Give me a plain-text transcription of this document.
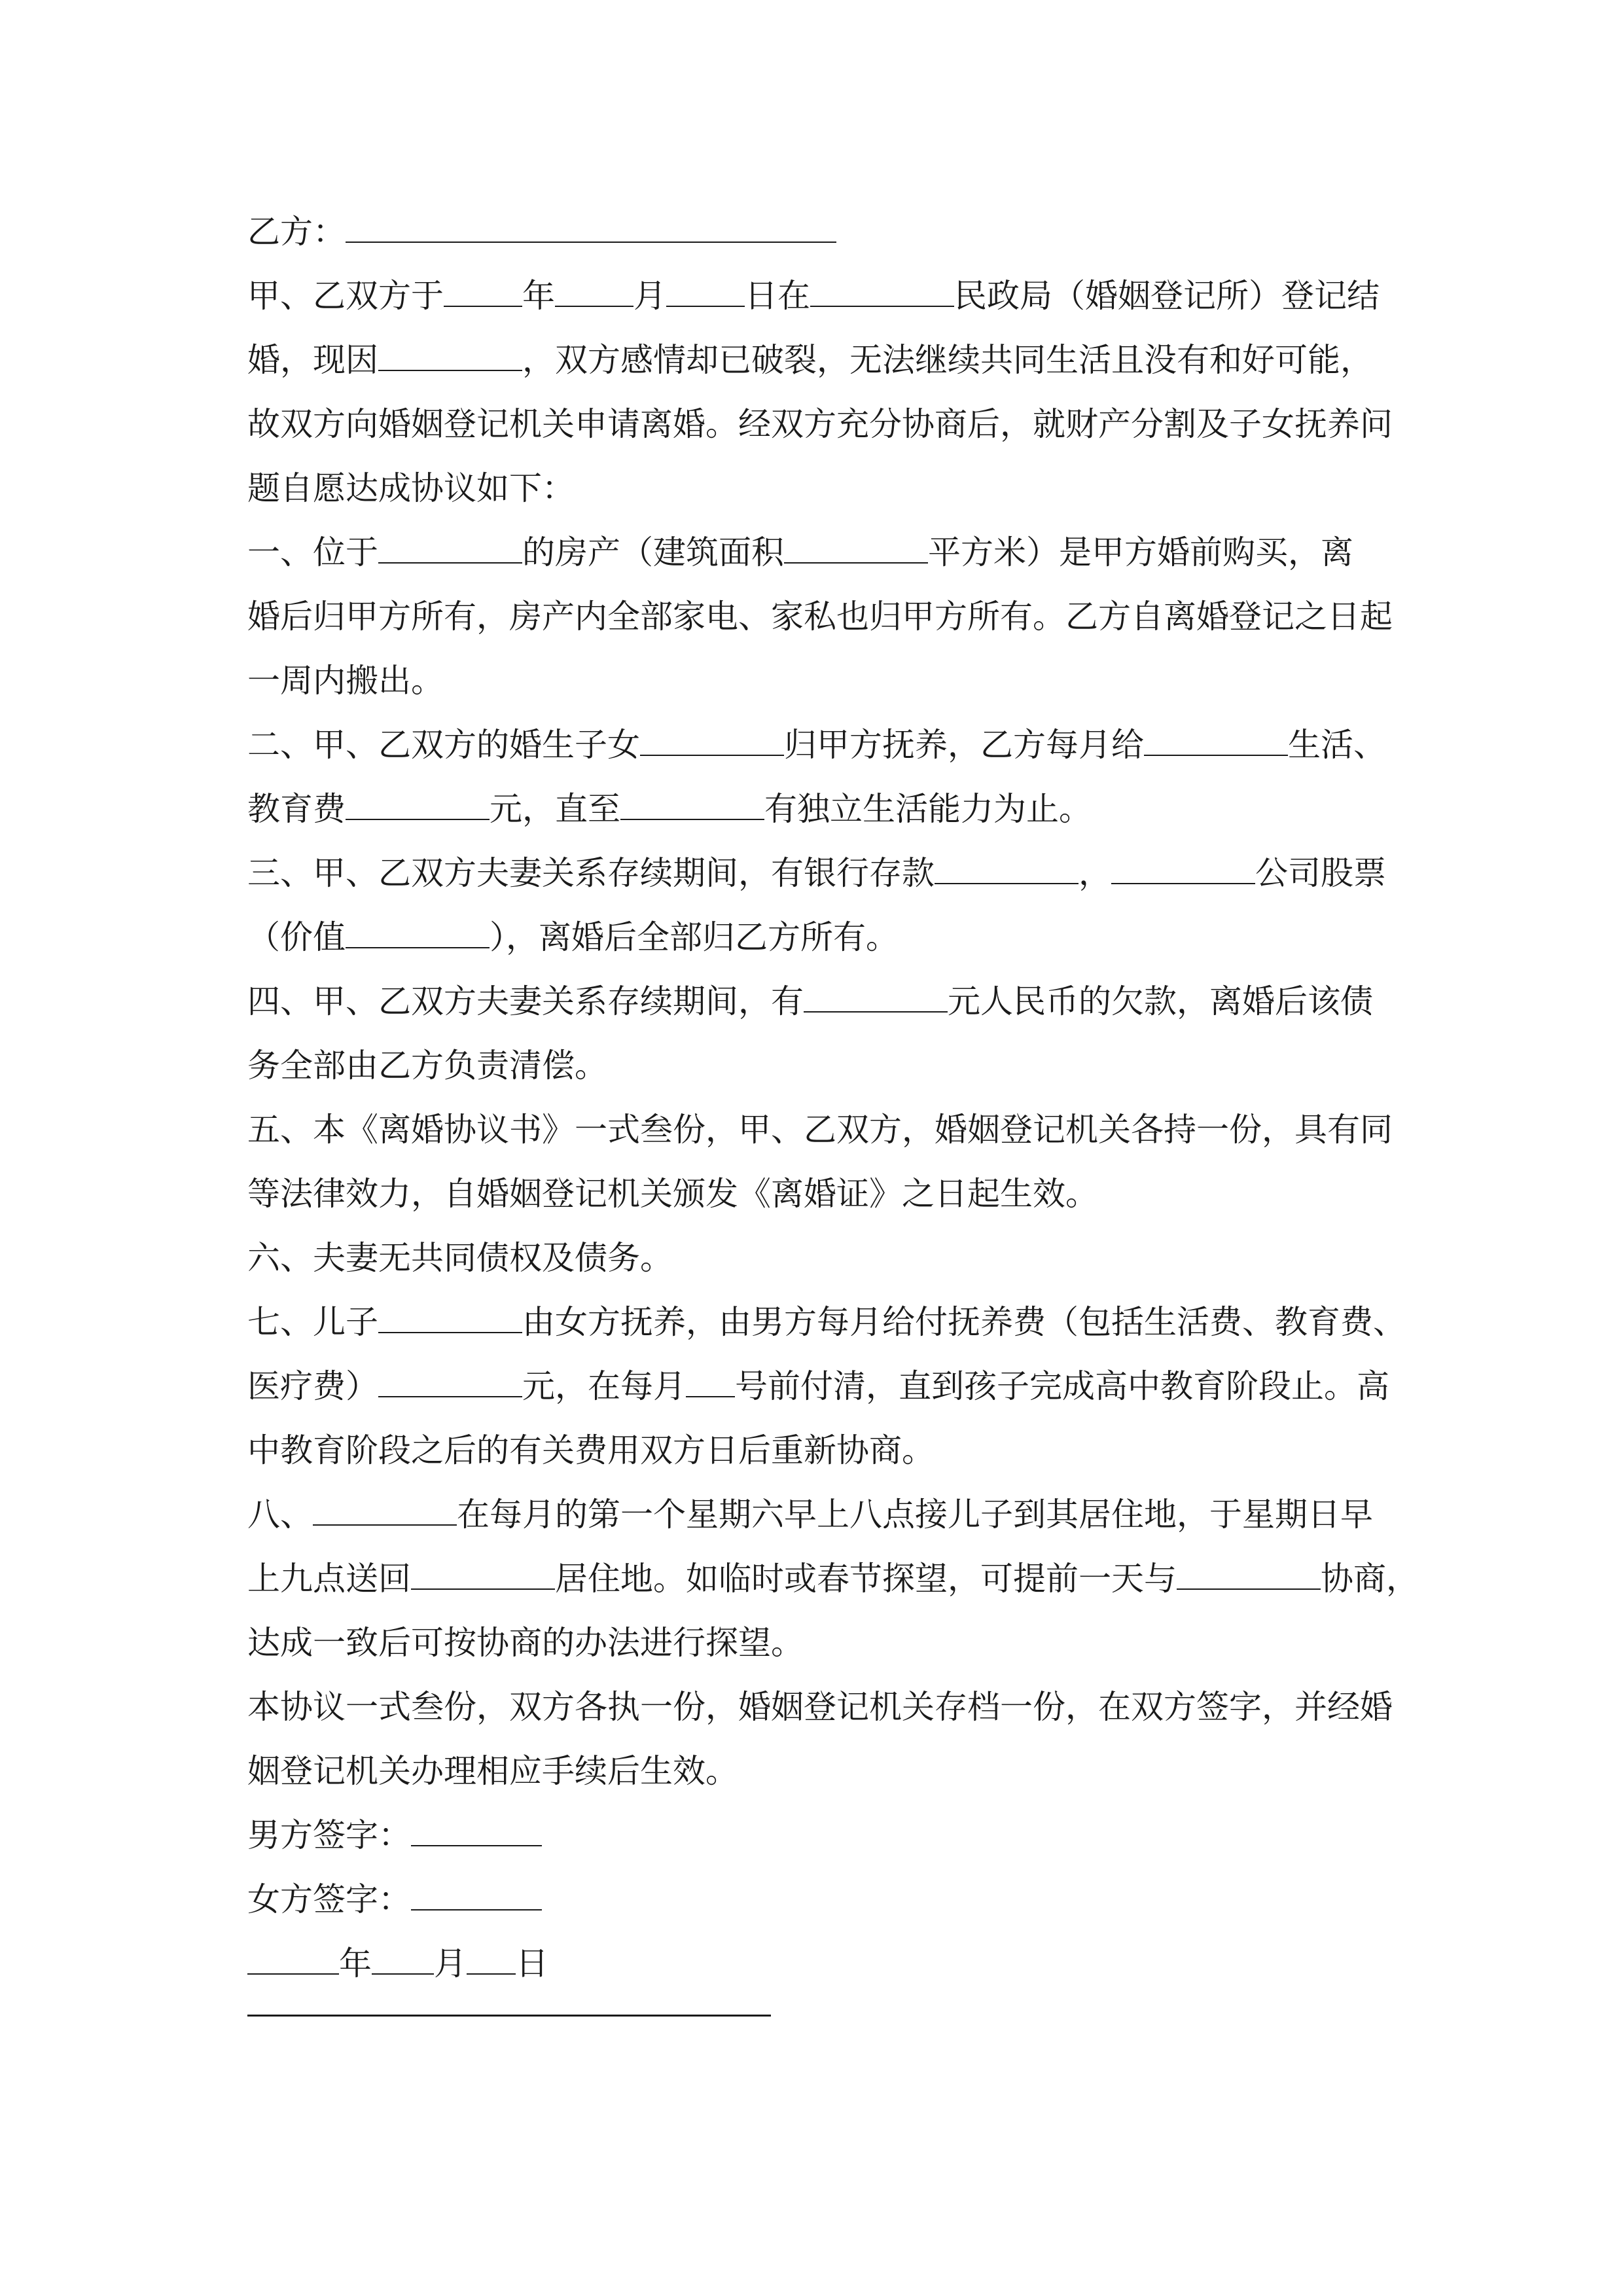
乙方：
甲、乙双方于 年 月 日在	民政局（婚姻登记所）登记结
婚，现因	，双方感情却已破裂，无法继续共同生活且没有和好可能，
故双方向婚姻登记机关申请离婚。经双方充分协商后，就财产分割及子女抚养问
题自愿达成协议如下：
一、位于	的房产（建筑面积	平方米）是甲方婚前购买，离
婚后归甲方所有，房产内全部家电、家私也归甲方所有。乙方自离婚登记之日起
一周内搬出。
二、甲、乙双方的婚生子女	归甲方抚养，乙方每月给	生活、
教育费	元，直至	有独立生活能力为止。
三、甲、乙双方夫妻关系存续期间，有银行存款	，	公司股票
（价值	），离婚后全部归乙方所有。
四、甲、乙双方夫妻关系存续期间，有	元人民币的欠款，离婚后该债
务全部由乙方负责清偿。
五、本《离婚协议书》一式叁份，甲、乙双方，婚姻登记机关各持一份，具有同
等法律效力，自婚姻登记机关颁发《离婚证》之日起生效。
六、夫妻无共同债权及债务。
七、儿子	由女方抚养，由男方每月给付抚养费（包括生活费、教育费、
医疗费）	元，在每月 号前付清，直到孩子完成高中教育阶段止。高
中教育阶段之后的有关费用双方日后重新协商。
八、	在每月的第一个星期六早上八点接儿子到其居住地，于星期日早
上九点送回	居住地。如临时或春节探望，可提前一天与	协商，
达成一致后可按协商的办法进行探望。
本协议一式叁份，双方各执一份，婚姻登记机关存档一份，在双方签字，并经婚
姻登记机关办理相应手续后生效。
男方签字：
女方签字：
年 月 日
